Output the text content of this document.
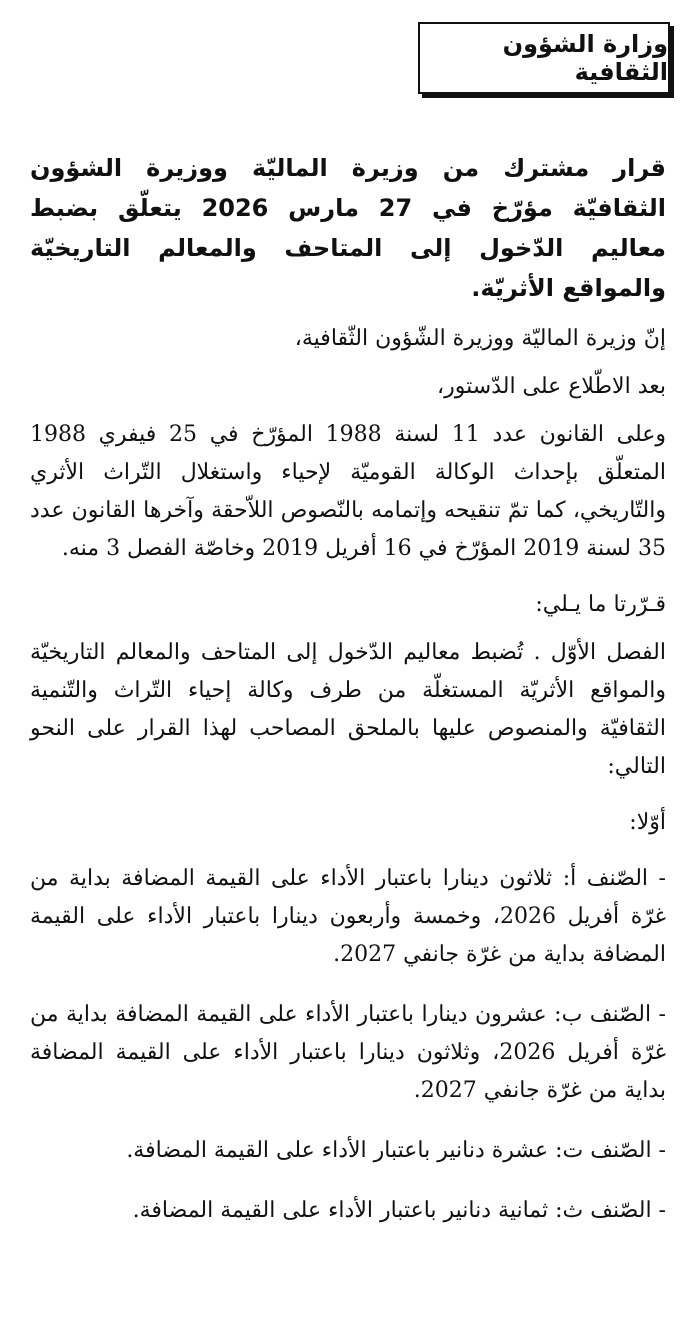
وزارة الشؤون الثقافية
قرار مشترك من وزيرة الماليّة ووزيرة الشؤون الثقافيّة مؤرّخ في 27 مارس 2026 يتعلّق بضبط معاليم الدّخول إلى المتاحف والمعالم التاريخيّة والمواقع الأثريّة.

إنّ وزيرة الماليّة ووزيرة الشّؤون الثّقافية،

بعد الاطّلاع على الدّستور،

وعلى القانون عدد 11 لسنة 1988 المؤرّخ في 25 فيفري 1988 المتعلّق بإحداث الوكالة القوميّة لإحياء واستغلال التّراث الأثري والتّاريخي، كما تمّ تنقيحه وإتمامه بالنّصوص اللاّحقة وآخرها القانون عدد 35 لسنة 2019 المؤرّخ في 16 أفريل 2019 وخاصّة الفصل 3 منه.

قـرّرتا ما يـلي:

الفصل الأوّل . تُضبط معاليم الدّخول إلى المتاحف والمعالم التاريخيّة والمواقع الأثريّة المستغلّة من طرف وكالة إحياء التّراث والتّنمية الثقافيّة والمنصوص عليها بالملحق المصاحب لهذا القرار على النحو التالي:

أوّلا:

- الصّنف أ: ثلاثون دينارا باعتبار الأداء على القيمة المضافة بداية من غرّة أفريل 2026، وخمسة وأربعون دينارا باعتبار الأداء على القيمة المضافة بداية من غرّة جانفي 2027.

- الصّنف ب: عشرون دينارا باعتبار الأداء على القيمة المضافة بداية من غرّة أفريل 2026، وثلاثون دينارا باعتبار الأداء على القيمة المضافة بداية من غرّة جانفي 2027.

- الصّنف ت: عشرة دنانير باعتبار الأداء على القيمة المضافة.

- الصّنف ث: ثمانية دنانير باعتبار الأداء على القيمة المضافة.
